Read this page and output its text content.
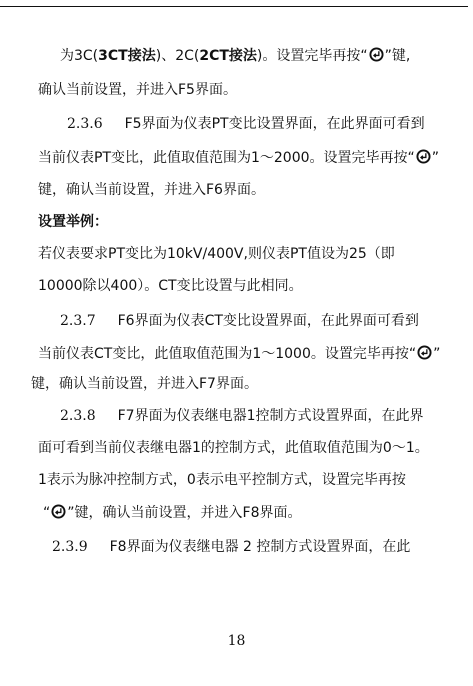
为3C(3CT接法)、2C(2CT接法)。设置完毕再按“ ”键,
确认当前设置，并进入F5界面。
2.3.6 F5界面为仪表PT变比设置界面，在此界面可看到
当前仪表PT变比，此值取值范围为1～2000。设置完毕再按“ ”
键，确认当前设置，并进入F6界面。
设置举例：
若仪表要求PT变比为10kV/400V,则仪表PT值设为25（即
10000除以400）。CT变比设置与此相同。
2.3.7 F6界面为仪表CT变比设置界面，在此界面可看到
当前仪表CT变比，此值取值范围为1～1000。设置完毕再按“ ”
键，确认当前设置，并进入F7界面。
2.3.8 F7界面为仪表继电器1控制方式设置界面，在此界
面可看到当前仪表继电器1的控制方式，此值取值范围为0～1。
1表示为脉冲控制方式，0表示电平控制方式，设置完毕再按
“ ”键，确认当前设置，并进入F8界面。
2.3.9 F8界面为仪表继电器 2 控制方式设置界面，在此
18
